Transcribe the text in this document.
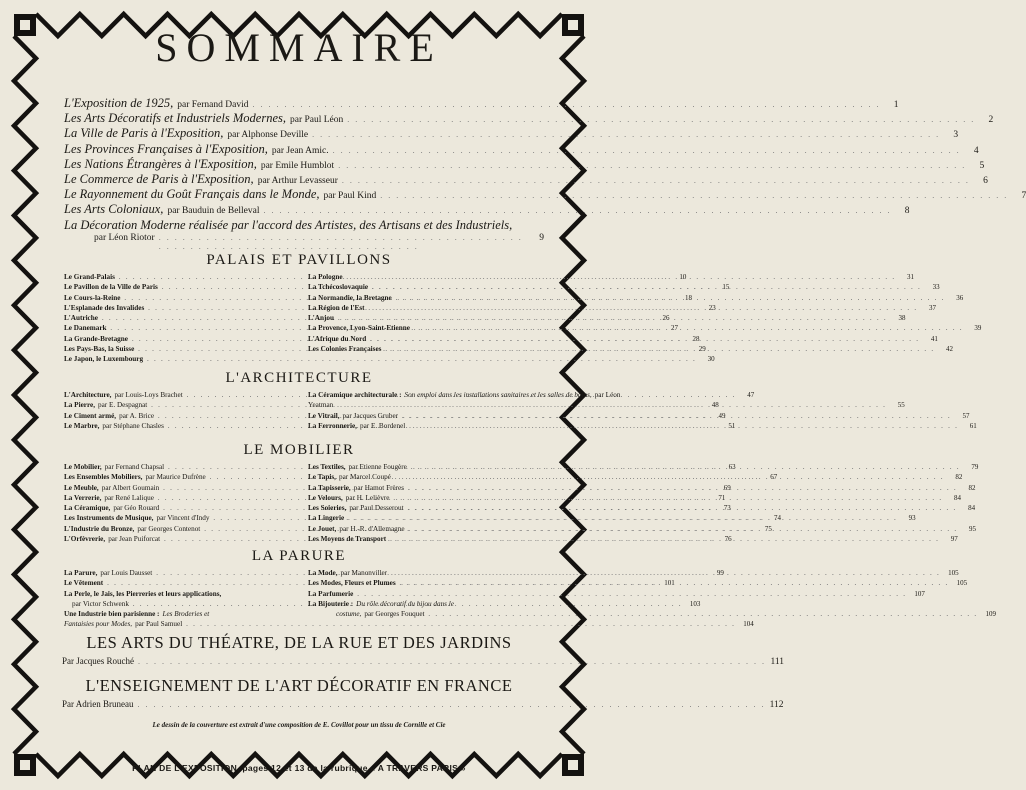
SOMMAIRE
L'Exposition de 1925, par Fernand David . . .	1
Les Arts Décoratifs et Industriels Modernes, par Paul Léon . . .	2
La Ville de Paris à l'Exposition, par Alphonse Deville . . .	3
Les Provinces Françaises à l'Exposition, par Jean Amic. . . .	4
Les Nations Étrangères à l'Exposition, par Emile Humblot . . .	5
Le Commerce de Paris à l'Exposition, par Arthur Levasseur . . .	6
Le Rayonnement du Goût Français dans le Monde, par Paul Kind . . .	7
Les Arts Coloniaux, par Bauduin de Belleval . . .	8
La Décoration Moderne réalisée par l'accord des Artistes, des Artisans et des Industriels,
par Léon Riotor . . .	9
PALAIS ET PAVILLONS
Le Grand-Palais . . .	10
Le Pavillon de la Ville de Paris . . .	15
Le Cours-la-Reine . . .	18
L'Esplanade des Invalides . . .	23
L'Autriche . . .	26
Le Danemark . . .	27
La Grande-Bretagne . . .	28
Les Pays-Bas, la Suisse . . .	29
Le Japon, le Luxembourg . . .	30
La Pologne . . .	31
La Tchécoslovaquie . . .	33
La Normandie, la Bretagne . . .	36
La Région de l'Est . . .	37
L'Anjou . . .	38
La Provence, Lyon-Saint-Etienne . . .	39
L'Afrique du Nord . . .	41
Les Colonies Françaises . . .	42
L'ARCHITECTURE
L'Architecture, par Louis-Loys Brachet . . .	47
La Pierre, par E. Despagnat . . .	48
Le Ciment armé, par A. Brice . . .	49
Le Marbre, par Stéphane Chasles . . .	51
La Céramique architecturale : Son emploi dans les installations sanitaires et les salles de bains, par Léon
Yeatman . . .	55
Le Vitrail, par Jacques Gruber . . .	57
La Ferronnerie, par E. Bordenel . . .	61
LE MOBILIER
Le Mobilier, par Fernand Chapsal . . .	63
Les Ensembles Mobiliers, par Maurice Dufrène . . .	67
Le Meuble, par Albert Goumain . . .	69
La Verrerie, par René Lalique . . .	71
La Céramique, par Géo Rouard . . .	73
Les Instruments de Musique, par Vincent d'Indy . . .	74
L'Industrie du Bronze, par Georges Contenot . . .	75
L'Orfèvrerie, par Jean Puiforcat . . .	76
Les Textiles, par Etienne Fougère . . .	79
Le Tapis, par Marcel Coupé . . .	82
La Tapisserie, par Hamot Frères . . .	82
Le Velours, par H. Lelièvre . . .	84
Les Soieries, par Paul Desserout . . .	84
La Lingerie . . .	93
Le Jouet, par H.-R. d'Allemagne . . .	95
Les Moyens de Transport . . .	97
LA PARURE
La Parure, par Louis Dausset . . .	99
Le Vêtement . . .	101
La Perle, le Jais, les Pierreries et leurs applications,
par Victor Schwenk . . .	103
Une Industrie bien parisienne : Les Broderies et
Fantaisies pour Modes, par Paul Samuel . . .	104
La Mode, par Manonviller . . .	105
Les Modes, Fleurs et Plumes . . .	105
La Parfumerie . . .	107
La Bijouterie : Du rôle décoratif du bijou dans le
costume, par Georges Fouquet . . .	109
LES ARTS DU THÉATRE, DE LA RUE ET DES JARDINS
Par Jacques Rouché . . .	111
L'ENSEIGNEMENT DE L'ART DÉCORATIF EN FRANCE
Par Adrien Bruneau . . .	112
Le dessin de la couverture est extrait d'une composition de E. Covillot pour un tissu de Cornille et Cie
PLAN DE L'EXPOSITION, pages 12 et 13 de la rubrique « A TRAVERS PARIS »
